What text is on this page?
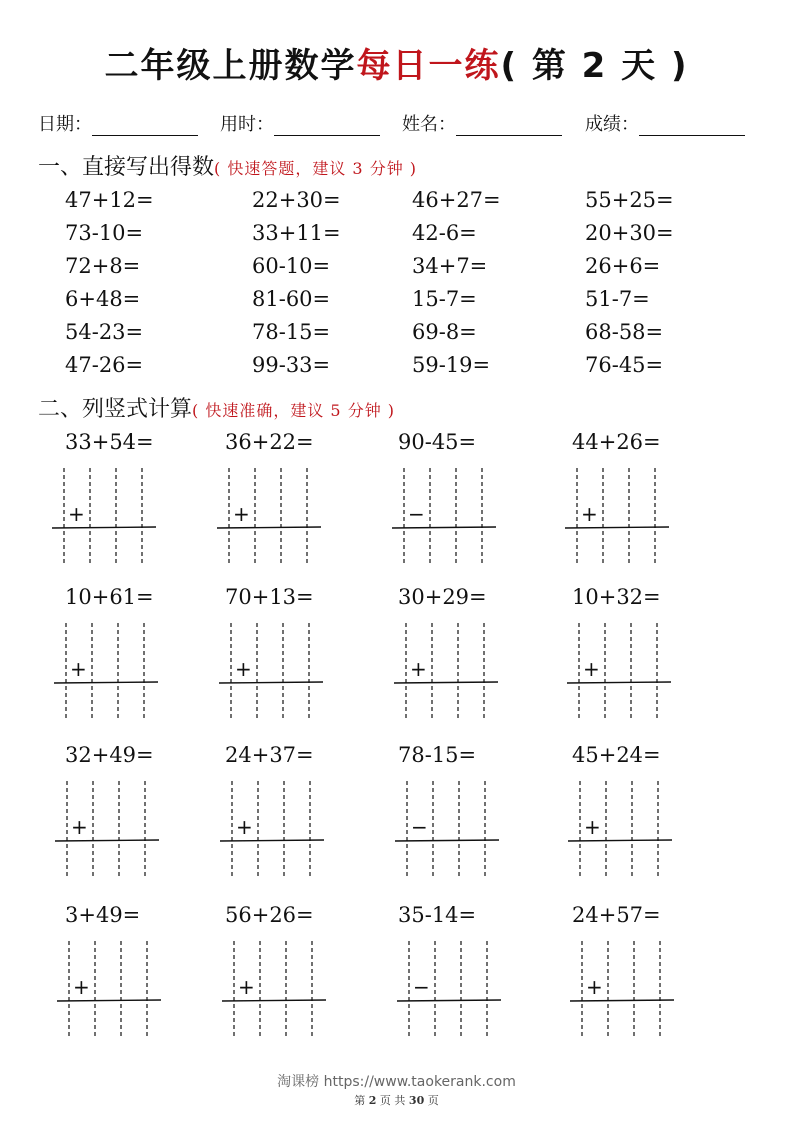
二年级上册数学每日一练( 第 2 天 )
日期：	用时：	姓名：	成绩：
一、直接写出得数( 快速答题，建议 3 分钟 )
47+12=	22+30=	46+27=	55+25=
73-10=	33+11=	42-6=	20+30=
72+8=	60-10=	34+7=	26+6=
6+48=	81-60=	15-7=	51-7=
54-23=	78-15=	69-8=	68-58=
47-26=	99-33=	59-19=	76-45=
二、列竖式计算( 快速准确，建议 5 分钟 )
33+54=
+
36+22=
+
90-45=
−
44+26=
+
10+61=
+
70+13=
+
30+29=
+
10+32=
+
32+49=
+
24+37=
+
78-15=
−
45+24=
+
3+49=
+
56+26=
+
35-14=
−
24+57=
+
淘课榜 https://www.taokerank.com
第 2 页 共 30 页
